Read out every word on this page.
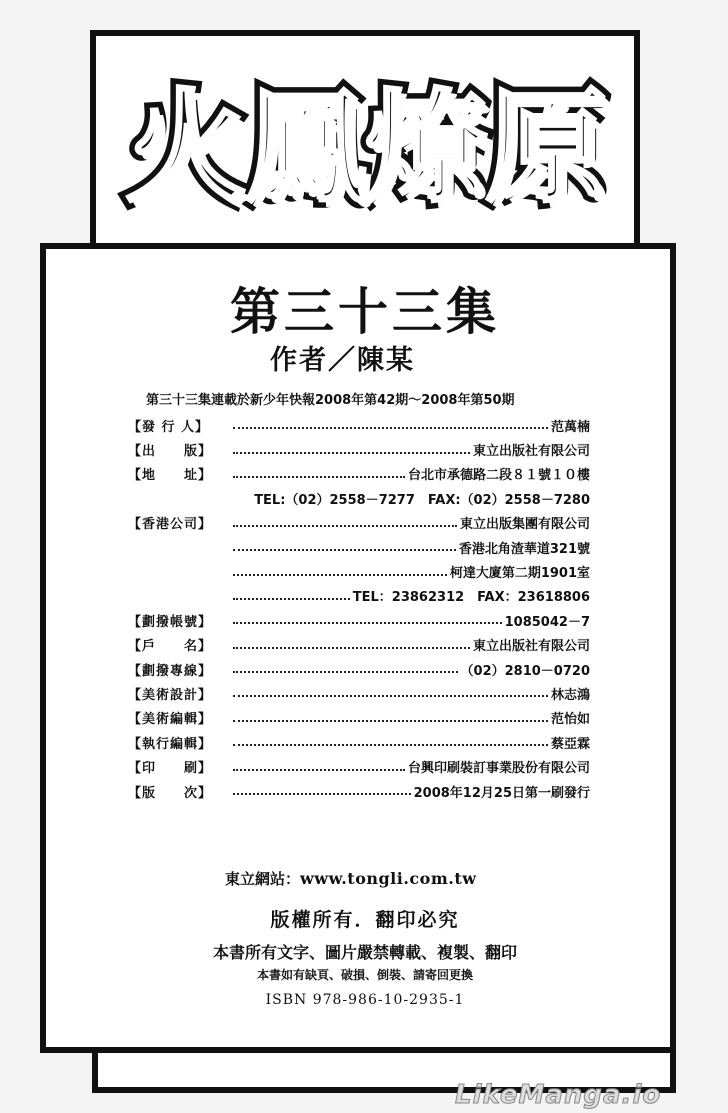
火鳳燎原 火鳳燎原
第三十三集
作者／陳某
第三十三集連載於新少年快報2008年第42期～2008年第50期
【發 行 人】	范萬楠
【出　　版】	東立出版社有限公司
【地　　址】	台北市承德路二段８１號１０樓
TEL:（02）2558－7277　FAX:（02）2558－7280
【香港公司】	東立出版集團有限公司
香港北角渣華道321號
柯達大廈第二期1901室
TEL：23862312　FAX：23618806
【劃撥帳號】	1085042－7
【戶　　名】	東立出版社有限公司
【劃撥專線】	（02）2810－0720
【美術設計】	林志鴻
【美術編輯】	范怡如
【執行編輯】	蔡亞霖
【印　　刷】	台興印刷裝訂事業股份有限公司
【版　　次】	2008年12月25日第一刷發行
東立網站：www.tongli.com.tw
版權所有．翻印必究
本書所有文字、圖片嚴禁轉載、複製、翻印
本書如有缺頁、破損、倒裝、請寄回更換
ISBN 978-986-10-2935-1
LikeManga.io
